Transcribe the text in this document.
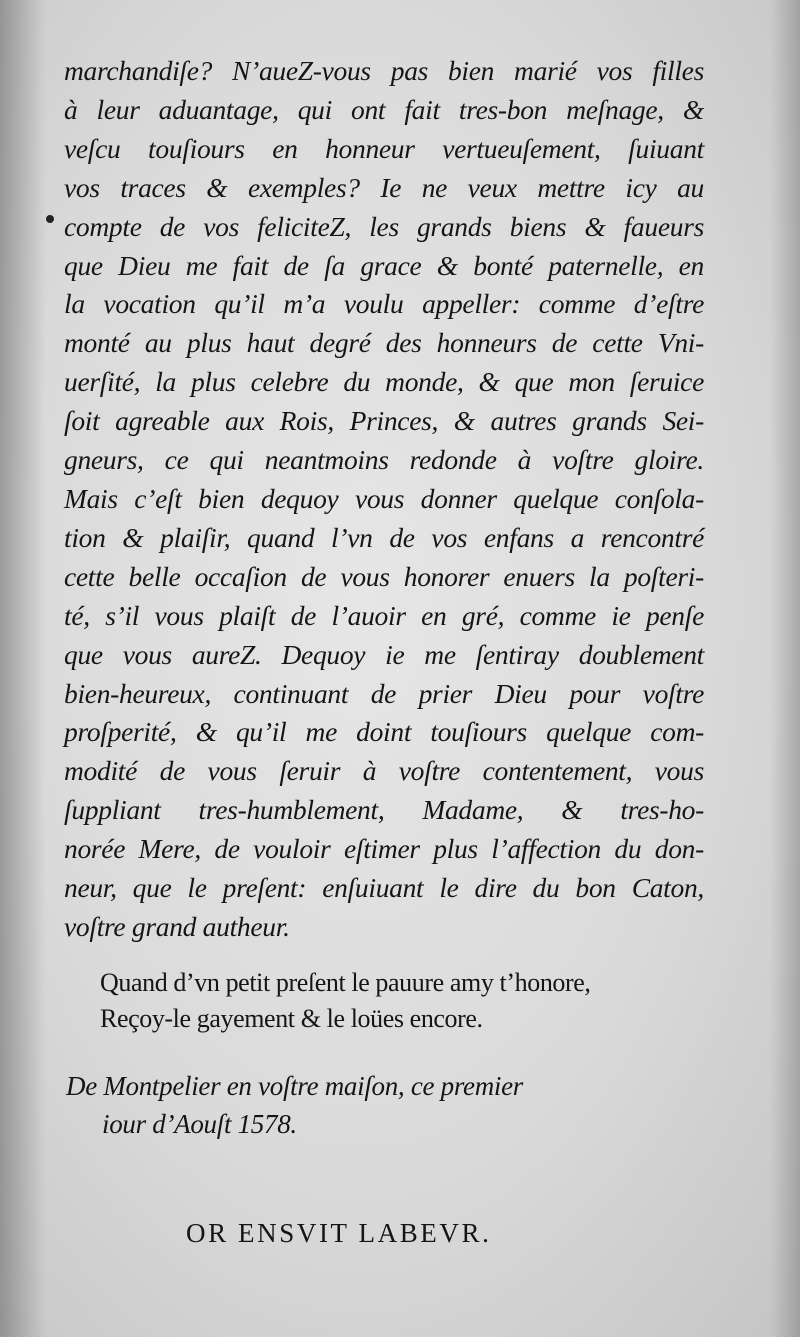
marchandiſe? N’aueZ-vous pas bien marié vos filles
à leur aduantage, qui ont fait tres-bon meſnage, &
veſcu touſiours en honneur vertueuſement, ſuiuant
vos traces & exemples? Ie ne veux mettre icy au
compte de vos feliciteZ, les grands biens & faueurs
que Dieu me fait de ſa grace & bonté paternelle, en
la vocation qu’il m’a voulu appeller: comme d’eſtre
monté au plus haut degré des honneurs de cette Vni-
uerſité, la plus celebre du monde, & que mon ſeruice
ſoit agreable aux Rois, Princes, & autres grands Sei-
gneurs, ce qui neantmoins redonde à voſtre gloire.
Mais c’eſt bien dequoy vous donner quelque conſola-
tion & plaiſir, quand l’vn de vos enfans a rencontré
cette belle occaſion de vous honorer enuers la poſteri-
té, s’il vous plaiſt de l’auoir en gré, comme ie penſe
que vous aureZ. Dequoy ie me ſentiray doublement
bien-heureux, continuant de prier Dieu pour voſtre
proſperité, & qu’il me doint touſiours quelque com-
modité de vous ſeruir à voſtre contentement, vous
ſuppliant tres-humblement, Madame, & tres-ho-
norée Mere, de vouloir eſtimer plus l’affection du don-
neur, que le preſent: enſuiuant le dire du bon Caton,
voſtre grand autheur.
Quand d’vn petit preſent le pauure amy t’honore,
Reçoy-le gayement & le loües encore.
De Montpelier en voſtre maiſon, ce premier
iour d’Aouſt 1578.
OR ENSVIT LABEVR.
